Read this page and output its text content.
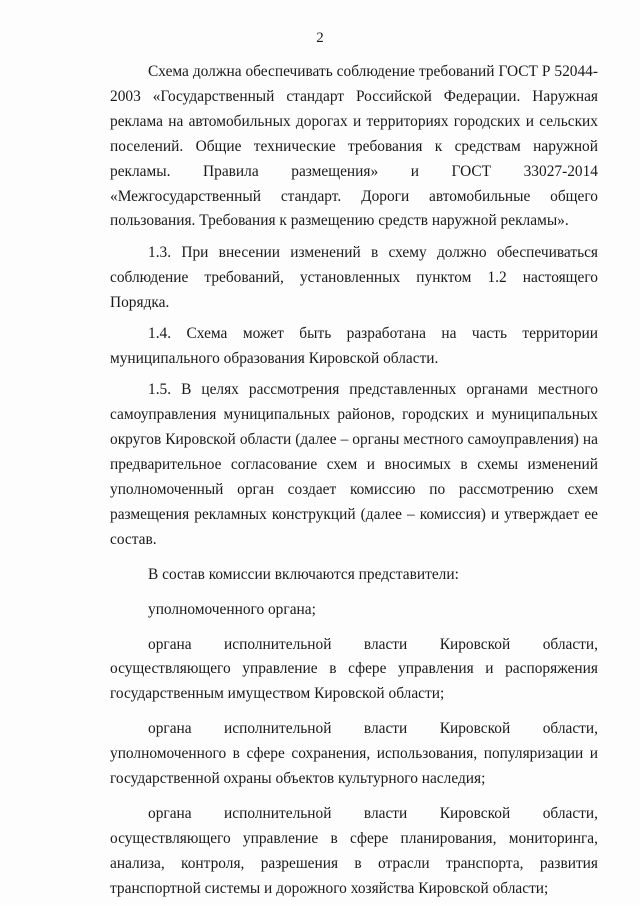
2

Схема должна обеспечивать соблюдение требований ГОСТ Р 52044-2003 «Государственный стандарт Российской Федерации. Наружная реклама на автомобильных дорогах и территориях городских и сельских поселений. Общие технические требования к средствам наружной рекламы. Правила размещения» и ГОСТ 33027-2014 «Межгосударственный стандарт. Дороги автомобильные общего пользования. Требования к размещению средств наружной рекламы».

1.3. При внесении изменений в схему должно обеспечиваться соблюдение требований, установленных пунктом 1.2 настоящего Порядка.

1.4. Схема может быть разработана на часть территории муниципального образования Кировской области.

1.5. В целях рассмотрения представленных органами местного самоуправления муниципальных районов, городских и муниципальных округов Кировской области (далее – органы местного самоуправления) на предварительное согласование схем и вносимых в схемы изменений уполномоченный орган создает комиссию по рассмотрению схем размещения рекламных конструкций (далее – комиссия) и утверждает ее состав.

В состав комиссии включаются представители:

уполномоченного органа;

органа исполнительной власти Кировской области, осуществляющего управление в сфере управления и распоряжения государственным имуществом Кировской области;

органа исполнительной власти Кировской области, уполномоченного в сфере сохранения, использования, популяризации и государственной охраны объектов культурного наследия;

органа исполнительной власти Кировской области, осуществляющего управление в сфере планирования, мониторинга, анализа, контроля, разрешения в отрасли транспорта, развития транспортной системы и дорожного хозяйства Кировской области;
